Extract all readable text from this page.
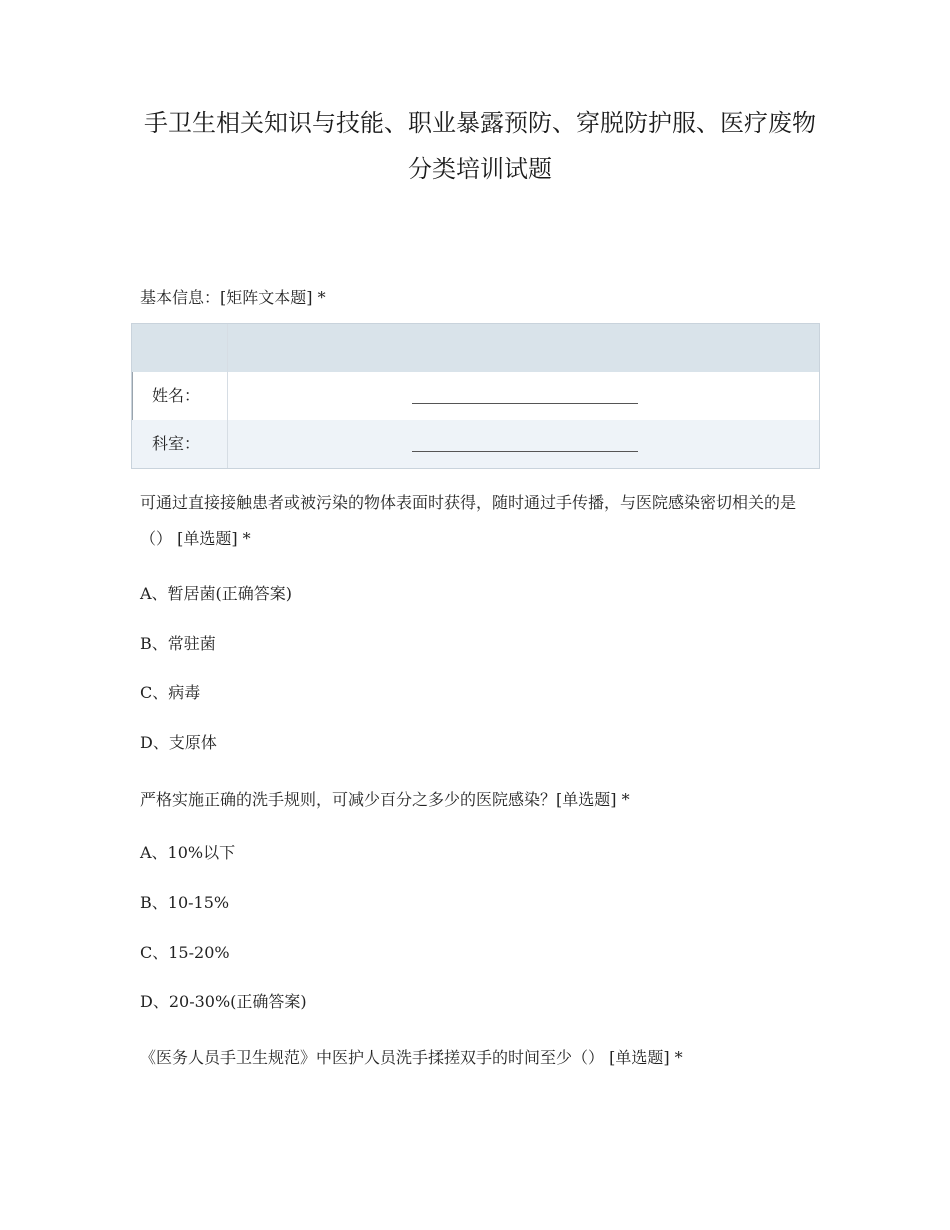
手卫生相关知识与技能、职业暴露预防、穿脱防护服、医疗废物分类培训试题
基本信息：[矩阵文本题] *
姓名：
科室：
可通过直接接触患者或被污染的物体表面时获得，随时通过手传播，与医院感染密切相关的是（） [单选题] *
A、暂居菌(正确答案)
B、常驻菌
C、病毒
D、支原体
严格实施正确的洗手规则，可减少百分之多少的医院感染？[单选题] *
A、10%以下
B、10-15%
C、15-20%
D、20-30%(正确答案)
《医务人员手卫生规范》中医护人员洗手揉搓双手的时间至少（） [单选题] *
